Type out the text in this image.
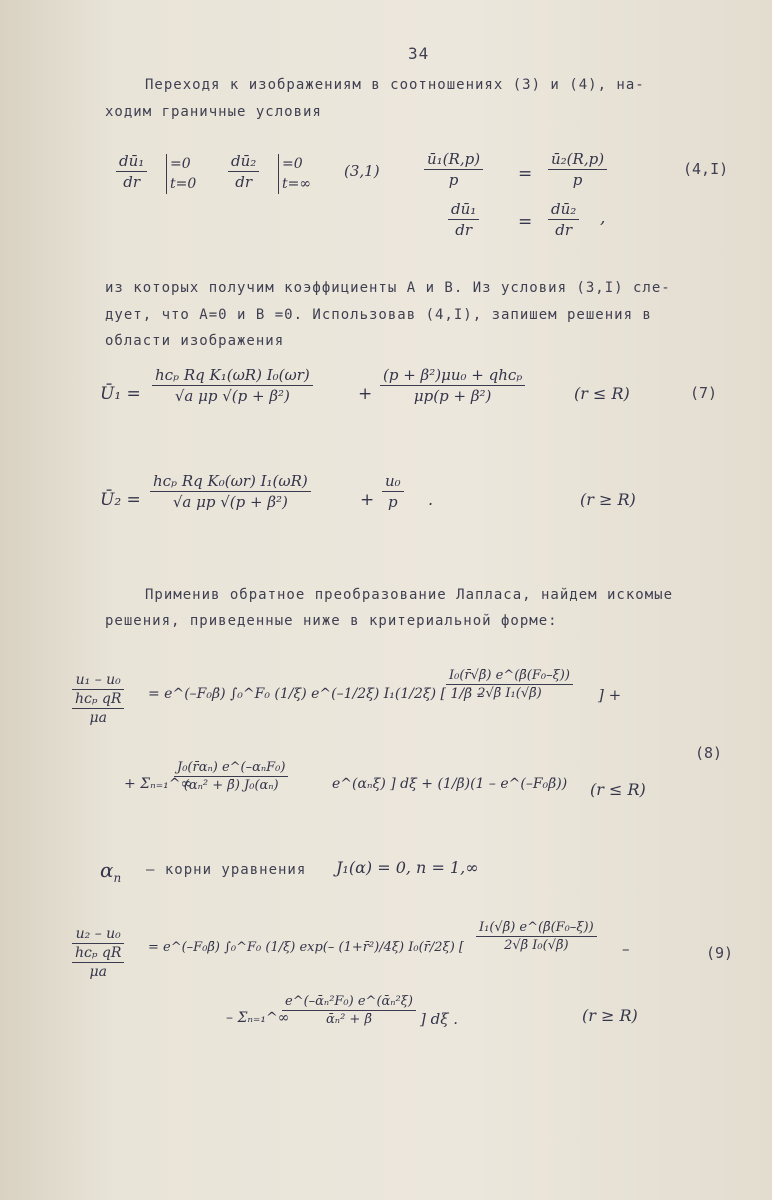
34
Переходя к изображениям в соотношениях (3) и (4), на-
ходим граничные условия
dū₁
dr
=0
t=0
dū₂
dr
=0
t=∞
(3,1)
ū₁(R,p)
p	=
ū₂(R,p)
p
(4,I)
dū₁
dr	=
dū₂
dr
,
из которых получим коэффициенты А и В. Из условия (3,I) сле-
дует, что А=0 и В =0. Использовав (4,I), запишем решения в
области изображения
Ū₁ =
hᴄₚ Rq K₁(ωR) I₀(ωr)
√a μp √(p + β²)	+
(p + β²)μu₀ + qhᴄₚ
μp(p + β²)	(r ≤ R)	(7)
Ū₂ =
hᴄₚ Rq K₀(ωr) I₁(ωR)
√a μp √(p + β²)	+
u₀
p .	(r ≥ R)
Применив обратное преобразование Лапласа, найдем искомые
решения, приведенные ниже в критериальной форме:
u₁ – u₀
hᴄₚ qR
μa
= e^(–F₀β̄) ∫₀^F₀ (1/ξ) e^(–1/2ξ) I₁(1/2ξ) [ 1/β̄ –
I₀(r̄√β̄) e^(β̄(F₀–ξ))
2√β̄ I₁(√β̄)	] +
+ Σₙ₌₁^∞
J₀(r̄αₙ) e^(–αₙF₀)
(αₙ² + β̄) J₀(αₙ)	e^(αₙξ) ] dξ + (1/β̄)(1 – e^(–F₀β̄))
(8)
(r ≤ R)
$\alpha_n$ – корни уравнения J₁(α) = 0, n = 1,∞
u₂ – u₀
hᴄₚ qR
μa
= e^(–F₀β̄) ∫₀^F₀ (1/ξ) exp(– (1+r̄²)/4ξ) I₀(r̄/2ξ) [
I₁(√β̄) e^(β̄(F₀–ξ))
2√β̄ I₀(√β̄)	–	(9)
– Σₙ₌₁^∞
e^(–ᾱₙ²F₀) e^(ᾱₙ²ξ)
ᾱₙ² + β̄	] dξ .	(r ≥ R)
